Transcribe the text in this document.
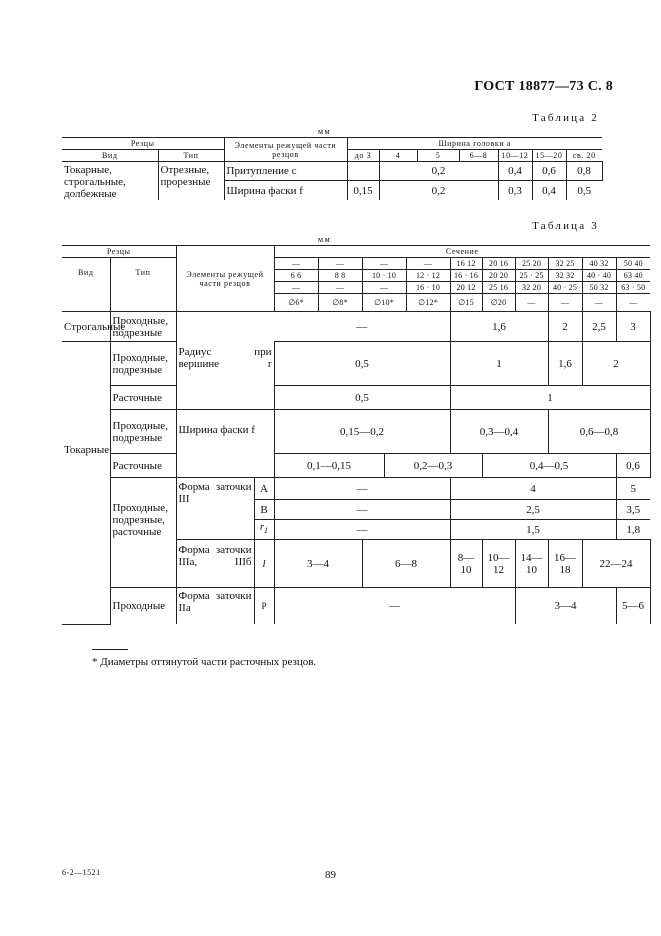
ГОСТ 18877—73 С. 8
Таблица 2
мм
Резцы		Элементы режущей части резцов	Ширина головки а							
Вид	Тип		до 3	4	5	6—8	10—12	15—20	св. 20	
Токарные, строгальные, долбежные	Отрезные, прорезные	Притупление с		0,2			0,4	0,6	0,8	
		Ширина фаски f	0,15	0,2			0,3	0,4	0,5	
Таблица 3
мм
Резцы		Элементы режущей части резцов		Сечение											
Вид	Тип			—	—	—		—	16 12	20 16	25 20	32 25	40 32	50 40	
				6 6	8 8	10 · 10		12 · 12	16 · 16	20 20	25 · 25	32 32	40 · 40	63 40	
				—	—	—		16 · 10	20 12	25 16	32 20	40 · 25	50 32	63 · 50	
				∅6*	∅8*	∅10*		∅12*	∅15	∅20	—	—	—	—	
Строгальные	Проходные, подрезные			—					1,6			2	2,5	3	
Токарные	Проходные, подрезные	Радиус при вершине r		0,5					1			1,6	2	
	Расточные			0,5					1	
	Проходные, подрезные	Ширина фаски f		0,15—0,2					0,3—0,4			0,6—0,8	
	Расточные			0,1—0,15			0,2—0,3			0,4—0,5				0,6	
	Проходные, подрезные, расточные	Форма заточки III	A	—					4					5	
			B	—					2,5					3,5	
			$r_1$	—					1,5					1,8	
		Форма заточки IIIа, IIIб	l	3—4		6—8			8—10	10—12	14—10	16—18	22—24	
	Проходные	Форма заточки IIа	P	—							3—4			5—6	
* Диаметры оттянутой части расточных резцов.
6-2—1521	89
